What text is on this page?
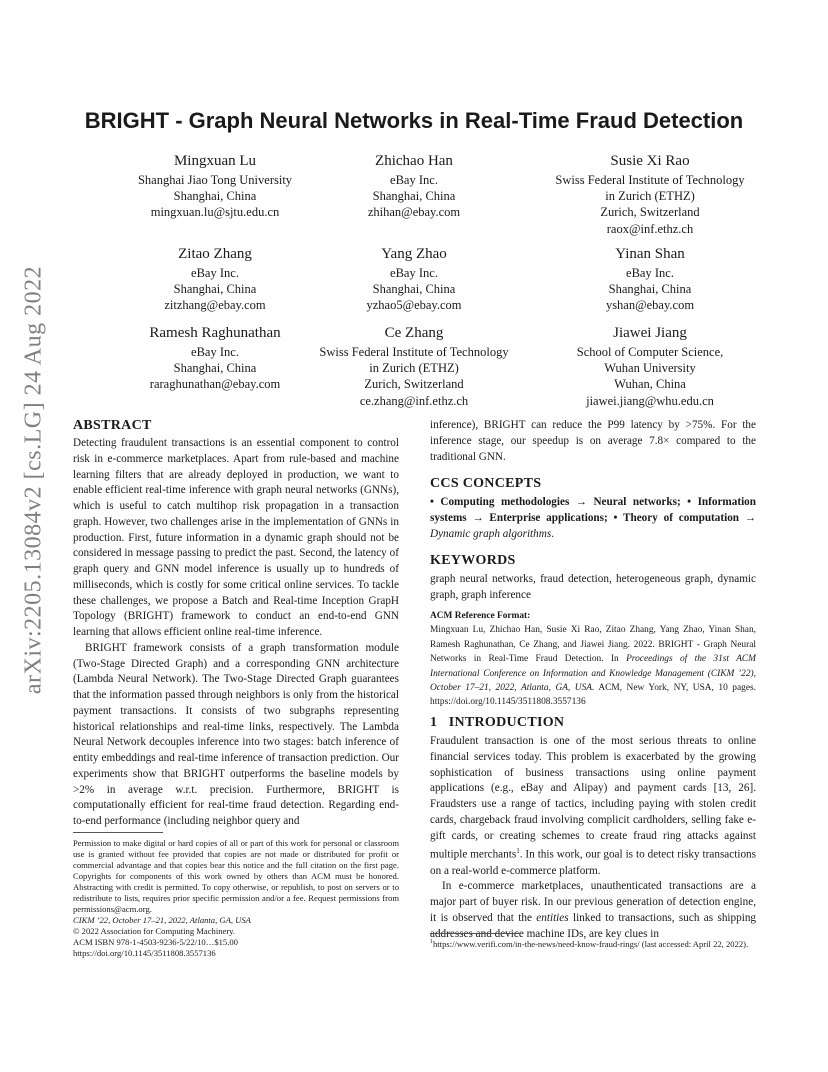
arXiv:2205.13084v2 [cs.LG] 24 Aug 2022
BRIGHT - Graph Neural Networks in Real-Time Fraud Detection
Mingxuan Lu
Shanghai Jiao Tong University
Shanghai, China
mingxuan.lu@sjtu.edu.cn
Zhichao Han
eBay Inc.
Shanghai, China
zhihan@ebay.com
Susie Xi Rao
Swiss Federal Institute of Technology
in Zurich (ETHZ)
Zurich, Switzerland
raox@inf.ethz.ch
Zitao Zhang
eBay Inc.
Shanghai, China
zitzhang@ebay.com
Yang Zhao
eBay Inc.
Shanghai, China
yzhao5@ebay.com
Yinan Shan
eBay Inc.
Shanghai, China
yshan@ebay.com
Ramesh Raghunathan
eBay Inc.
Shanghai, China
raraghunathan@ebay.com
Ce Zhang
Swiss Federal Institute of Technology
in Zurich (ETHZ)
Zurich, Switzerland
ce.zhang@inf.ethz.ch
Jiawei Jiang
School of Computer Science,
Wuhan University
Wuhan, China
jiawei.jiang@whu.edu.cn
ABSTRACT

Detecting fraudulent transactions is an essential component to control risk in e-commerce marketplaces. Apart from rule-based and machine learning filters that are already deployed in production, we want to enable efficient real-time inference with graph neural networks (GNNs), which is useful to catch multihop risk propagation in a transaction graph. However, two challenges arise in the implementation of GNNs in production. First, future information in a dynamic graph should not be considered in message passing to predict the past. Second, the latency of graph query and GNN model inference is usually up to hundreds of milliseconds, which is costly for some critical online services. To tackle these challenges, we propose a Batch and Real-time Inception GrapH Topology (BRIGHT) framework to conduct an end-to-end GNN learning that allows efficient online real-time inference.

BRIGHT framework consists of a graph transformation module (Two-Stage Directed Graph) and a corresponding GNN architecture (Lambda Neural Network). The Two-Stage Directed Graph guarantees that the information passed through neighbors is only from the historical payment transactions. It consists of two subgraphs representing historical relationships and real-time links, respectively. The Lambda Neural Network decouples inference into two stages: batch inference of entity embeddings and real-time inference of transaction prediction. Our experiments show that BRIGHT outperforms the baseline models by >2% in average w.r.t. precision. Furthermore, BRIGHT is computationally efficient for real-time fraud detection. Regarding end-to-end performance (including neighbor query and

Permission to make digital or hard copies of all or part of this work for personal or classroom use is granted without fee provided that copies are not made or distributed for profit or commercial advantage and that copies bear this notice and the full citation on the first page. Copyrights for components of this work owned by others than ACM must be honored. Abstracting with credit is permitted. To copy otherwise, or republish, to post on servers or to redistribute to lists, requires prior specific permission and/or a fee. Request permissions from permissions@acm.org.

CIKM ’22, October 17–21, 2022, Atlanta, GA, USA

© 2022 Association for Computing Machinery.

ACM ISBN 978-1-4503-9236-5/22/10…$15.00

https://doi.org/10.1145/3511808.3557136

inference), BRIGHT can reduce the P99 latency by >75%. For the inference stage, our speedup is on average 7.8× compared to the traditional GNN.

CCS CONCEPTS

• Computing methodologies → Neural networks; • Information systems → Enterprise applications; • Theory of computation → Dynamic graph algorithms.

KEYWORDS

graph neural networks, fraud detection, heterogeneous graph, dynamic graph, graph inference

ACM Reference Format:

Mingxuan Lu, Zhichao Han, Susie Xi Rao, Zitao Zhang, Yang Zhao, Yinan Shan, Ramesh Raghunathan, Ce Zhang, and Jiawei Jiang. 2022. BRIGHT - Graph Neural Networks in Real-Time Fraud Detection. In Proceedings of the 31st ACM International Conference on Information and Knowledge Management (CIKM ’22), October 17–21, 2022, Atlanta, GA, USA. ACM, New York, NY, USA, 10 pages. https://doi.org/10.1145/3511808.3557136

1   INTRODUCTION

Fraudulent transaction is one of the most serious threats to online financial services today. This problem is exacerbated by the growing sophistication of business transactions using online payment applications (e.g., eBay and Alipay) and payment cards [13, 26]. Fraudsters use a range of tactics, including paying with stolen credit cards, chargeback fraud involving complicit cardholders, selling fake e-gift cards, or creating schemes to create fraud ring attacks against multiple merchants$^1$. In this work, our goal is to detect risky transactions on a real-world e-commerce platform.

In e-commerce marketplaces, unauthenticated transactions are a major part of buyer risk. In our previous generation of detection engine, it is observed that the entities linked to transactions, such as shipping addresses and device machine IDs, are key clues in

$^1$https://www.verifi.com/in-the-news/need-know-fraud-rings/ (last accessed: April 22, 2022).
